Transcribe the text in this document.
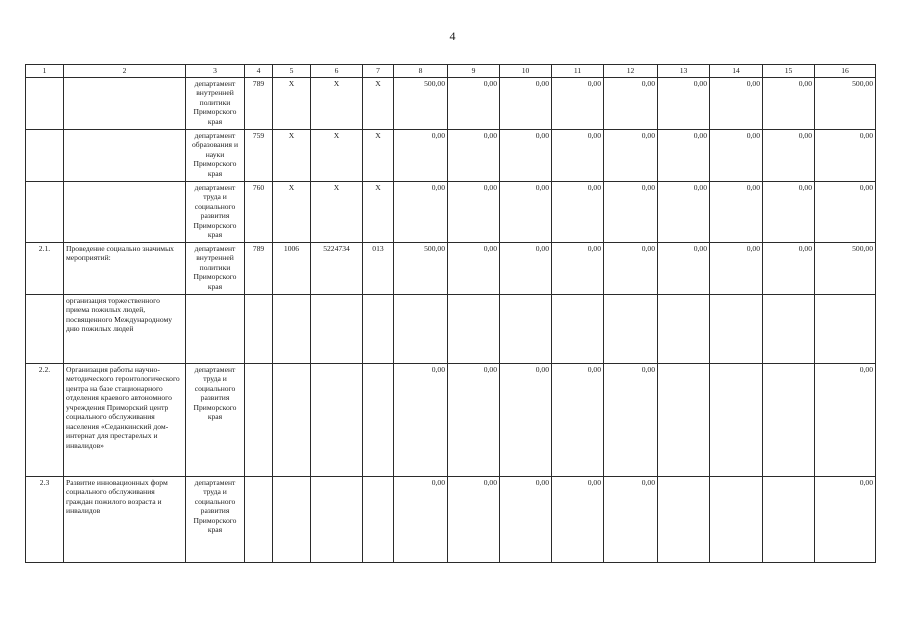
4
1	2	3	4	5	6	7	8	9	10	11	12	13	14	15	16
		департамент внутренней политики Приморского края	789	Х	Х	Х	500,00	0,00	0,00	0,00	0,00	0,00	0,00	0,00	500,00
		департамент образования и науки Приморского края	759	Х	Х	Х	0,00	0,00	0,00	0,00	0,00	0,00	0,00	0,00	0,00
		департамент труда и социального развития Приморского края	760	Х	Х	Х	0,00	0,00	0,00	0,00	0,00	0,00	0,00	0,00	0,00
2.1.	Проведение социально значимых мероприятий:	департамент внутренней политики Приморского края	789	1006	5224734	013	500,00	0,00	0,00	0,00	0,00	0,00	0,00	0,00	500,00
	организация торжественного приема пожилых людей, посвященного Международному дню пожилых людей														
2.2.	Организация работы научно-методического геронтологического центра на базе стационарного отделения краевого автономного учреждения Приморский центр социального обслуживания населения «Седанкинский дом-интернат для престарелых и инвалидов»	департамент труда и социального развития Приморского края					0,00	0,00	0,00	0,00	0,00				0,00
2.3	Развитие инновационных форм социального обслуживания граждан пожилого возраста и инвалидов	департамент труда и социального развития Приморского края					0,00	0,00	0,00	0,00	0,00				0,00
